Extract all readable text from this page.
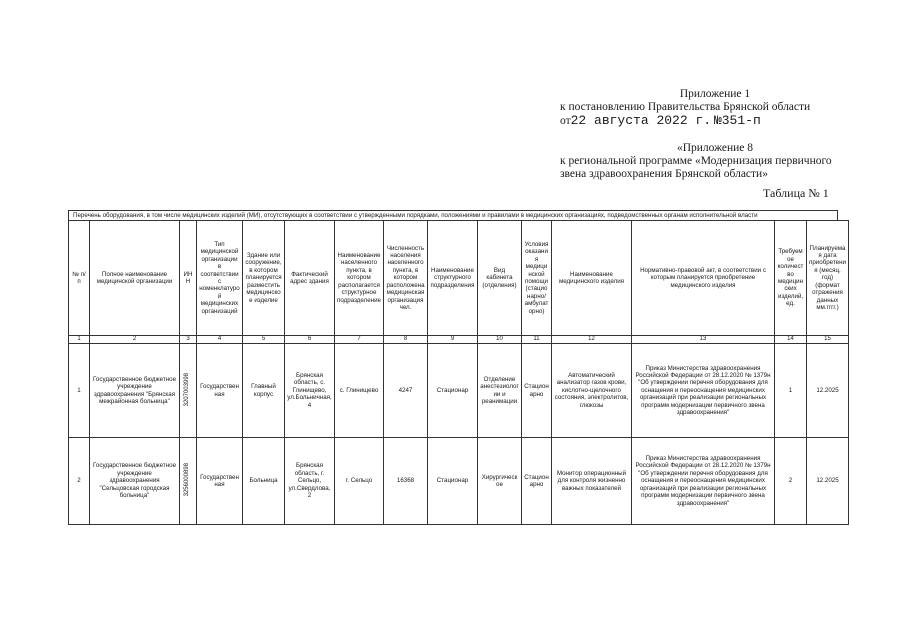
Приложение 1
к постановлению Правительства Брянской области
от22 августа 2022 г. №351-п
«Приложение 8
к региональной программе «Модернизация первичного
звена здравоохранения Брянской области»
Таблица № 1
Перечень оборудования, в том числе медицинских изделий (МИ), отсутствующих в соответствии с утвержденными порядками, положениями и правилами в медицинских организациях, подведомственных органам исполнительной власти
№ п/п	Полное наименование медицинской организации	ИНН	Тип медицинской организации в соответствии с номенклатурой медицинских организаций	Здание или сооружение, в котором планируется разместить медицинское изделие	Фактический адрес здания	Наименование населенного пункта, в котором располагается структурное подразделение	Численность населения населенного пункта, в котором расположена медицинская организация чел.	Наименование структурного подразделения	Вид кабинета (отделения)	Условия оказания медицинской помощи (стационарно/амбулаторно)	Наименование медицинского изделия	Нормативно-правовой акт, в соответствии с которым планируется приобретение медицинского изделия	Требуемое количество медицинских изделий, ед.	Планируемая дата приобретения (месяц, год) (формат отражения данных мм.гггг.)
1	2	3	4	5	6	7	8	9	10	11	12	13	14	15
1	Государственное бюджетное учреждение здравоохранения "Брянская межрайонная больница"	3207003998	Государственная	Главный корпус	Брянская область, с. Глинищево, ул.Больничная, 4	с. Глинищево	4247	Стационар	Отделение анестезиологии и реанимации	Стационарно	Автоматический анализатор газов крови, кислотно-щелочного состояния, электролитов, глюкозы	Приказ Министерства здравоохранения Российской Федерации от 28.12.2020 № 1379н "Об утверждении перечня оборудования для оснащения и переоснащения медицинских организаций при реализации региональных программ модернизации первичного звена здравоохранения"	1	12.2025
2	Государственное бюджетное учреждение здравоохранения "Сельцовская городская больница"	3256000898	Государственная	Больница	Брянская область, г. Сельцо, ул.Свердлова, 2	г. Сельцо	16368	Стационар	Хирургическое	Стационарно	Монитор операционный для контроля жизненно важных показателей	Приказ Министерства здравоохранения Российской Федерации от 28.12.2020 № 1379н "Об утверждении перечня оборудования для оснащения и переоснащения медицинских организаций при реализации региональных программ модернизации первичного звена здравоохранения"	2	12.2025
